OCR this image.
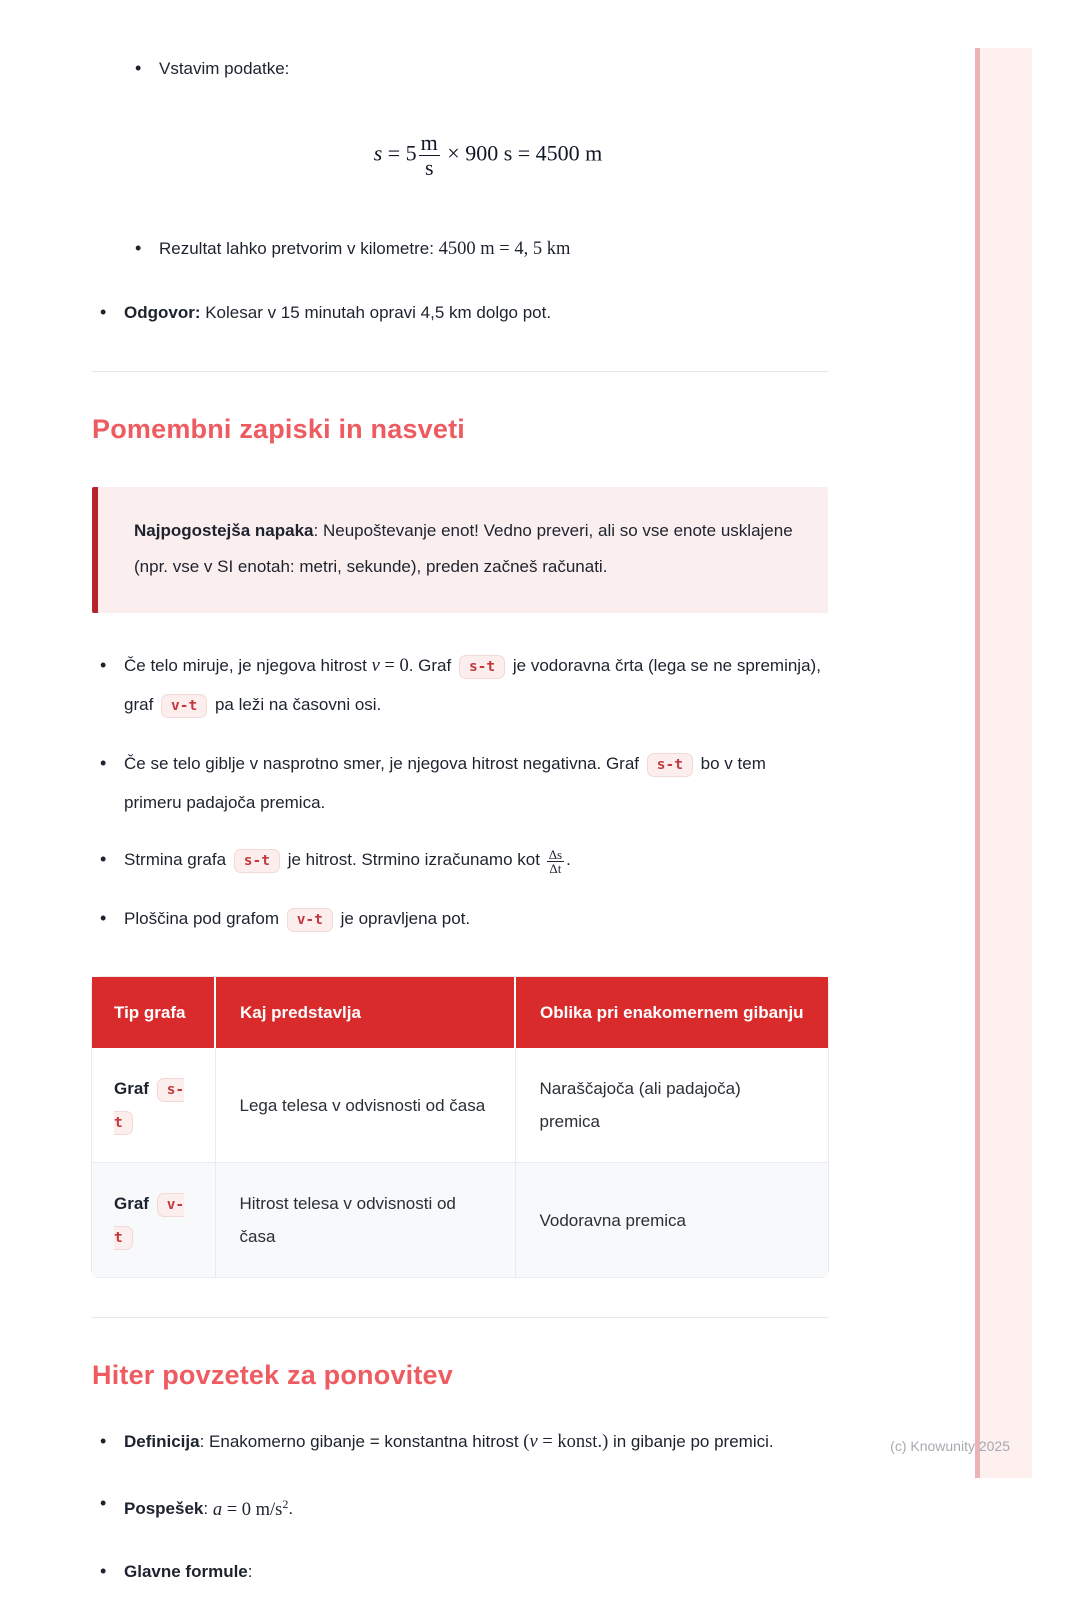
• Vstavim podatke:
$s = 5 \frac{m}{s} \times 900$ s = 4500 m
• Rezultat lahko pretvorim v kilometre: 4500 m = 4, 5 km
• Odgovor: Kolesar v 15 minutah opravi 4,5 km dolgo pot.
Pomembni zapiski in nasveti
Najpogostejša napaka: Neupoštevanje enot! Vedno preveri, ali so vse enote usklajene (npr. vse v SI enotah: metri, sekunde), preden začneš računati.
• Če telo miruje, je njegova hitrost v = 0. Graf s-t je vodoravna črta (lega se ne spreminja), graf v-t pa leži na časovni osi.
• Če se telo giblje v nasprotno smer, je njegova hitrost negativna. Graf s-t bo v tem primeru padajoča premica.
• Strmina grafa s-t je hitrost. Strmino izračunamo kot $\frac{\Delta s}{\Delta t}$ .
• Ploščina pod grafom v-t je opravljena pot.
Tip grafa	Kaj predstavlja	Oblika pri enakomernem gibanju
Graf s-t	Lega telesa v odvisnosti od časa	Naraščajoča (ali padajoča) premica
Graf v-t	Hitrost telesa v odvisnosti od časa	Vodoravna premica
Hiter povzetek za ponovitev
• Definicija: Enakomerno gibanje = konstantna hitrost (v = konst.) in gibanje po premici.
• Pospešek: a = 0 $m/s^2$.
• Glavne formule:
(c) Knowunity 2025
